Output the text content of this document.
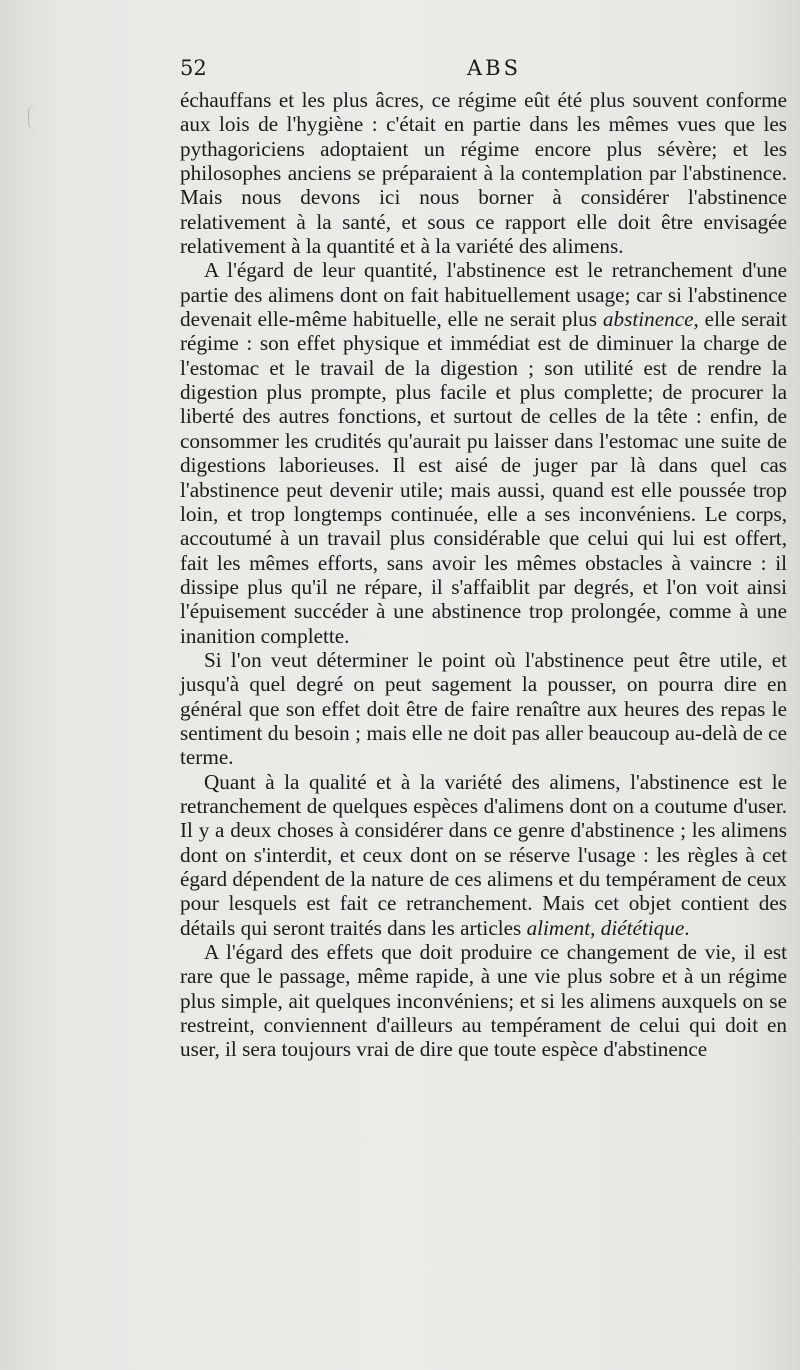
52	ABS

échauffans et les plus âcres, ce régime eût été plus souvent conforme aux lois de l'hygiène : c'était en partie dans les mêmes vues que les pythagoriciens adoptaient un régime encore plus sévère; et les philosophes anciens se préparaient à la contemplation par l'abstinence. Mais nous devons ici nous borner à considérer l'abstinence relativement à la santé, et sous ce rapport elle doit être envisagée relativement à la quantité et à la variété des alimens.

A l'égard de leur quantité, l'abstinence est le retranchement d'une partie des alimens dont on fait habituellement usage; car si l'abstinence devenait elle-même habituelle, elle ne serait plus abstinence, elle serait régime : son effet physique et immédiat est de diminuer la charge de l'estomac et le travail de la digestion ; son utilité est de rendre la digestion plus prompte, plus facile et plus complette; de procurer la liberté des autres fonctions, et surtout de celles de la tête : enfin, de consommer les crudités qu'aurait pu laisser dans l'estomac une suite de digestions laborieuses. Il est aisé de juger par là dans quel cas l'abstinence peut devenir utile; mais aussi, quand est elle poussée trop loin, et trop longtemps continuée, elle a ses inconvéniens. Le corps, accoutumé à un travail plus considérable que celui qui lui est offert, fait les mêmes efforts, sans avoir les mêmes obstacles à vaincre : il dissipe plus qu'il ne répare, il s'affaiblit par degrés, et l'on voit ainsi l'épuisement succéder à une abstinence trop prolongée, comme à une inanition complette.

Si l'on veut déterminer le point où l'abstinence peut être utile, et jusqu'à quel degré on peut sagement la pousser, on pourra dire en général que son effet doit être de faire renaître aux heures des repas le sentiment du besoin ; mais elle ne doit pas aller beaucoup au-delà de ce terme.

Quant à la qualité et à la variété des alimens, l'abstinence est le retranchement de quelques espèces d'alimens dont on a coutume d'user. Il y a deux choses à considérer dans ce genre d'abstinence ; les alimens dont on s'interdit, et ceux dont on se réserve l'usage : les règles à cet égard dépendent de la nature de ces alimens et du tempérament de ceux pour lesquels est fait ce retranchement. Mais cet objet contient des détails qui seront traités dans les articles aliment, diététique.

A l'égard des effets que doit produire ce changement de vie, il est rare que le passage, même rapide, à une vie plus sobre et à un régime plus simple, ait quelques inconvéniens; et si les alimens auxquels on se restreint, conviennent d'ailleurs au tempérament de celui qui doit en user, il sera toujours vrai de dire que toute espèce d'abstinence
